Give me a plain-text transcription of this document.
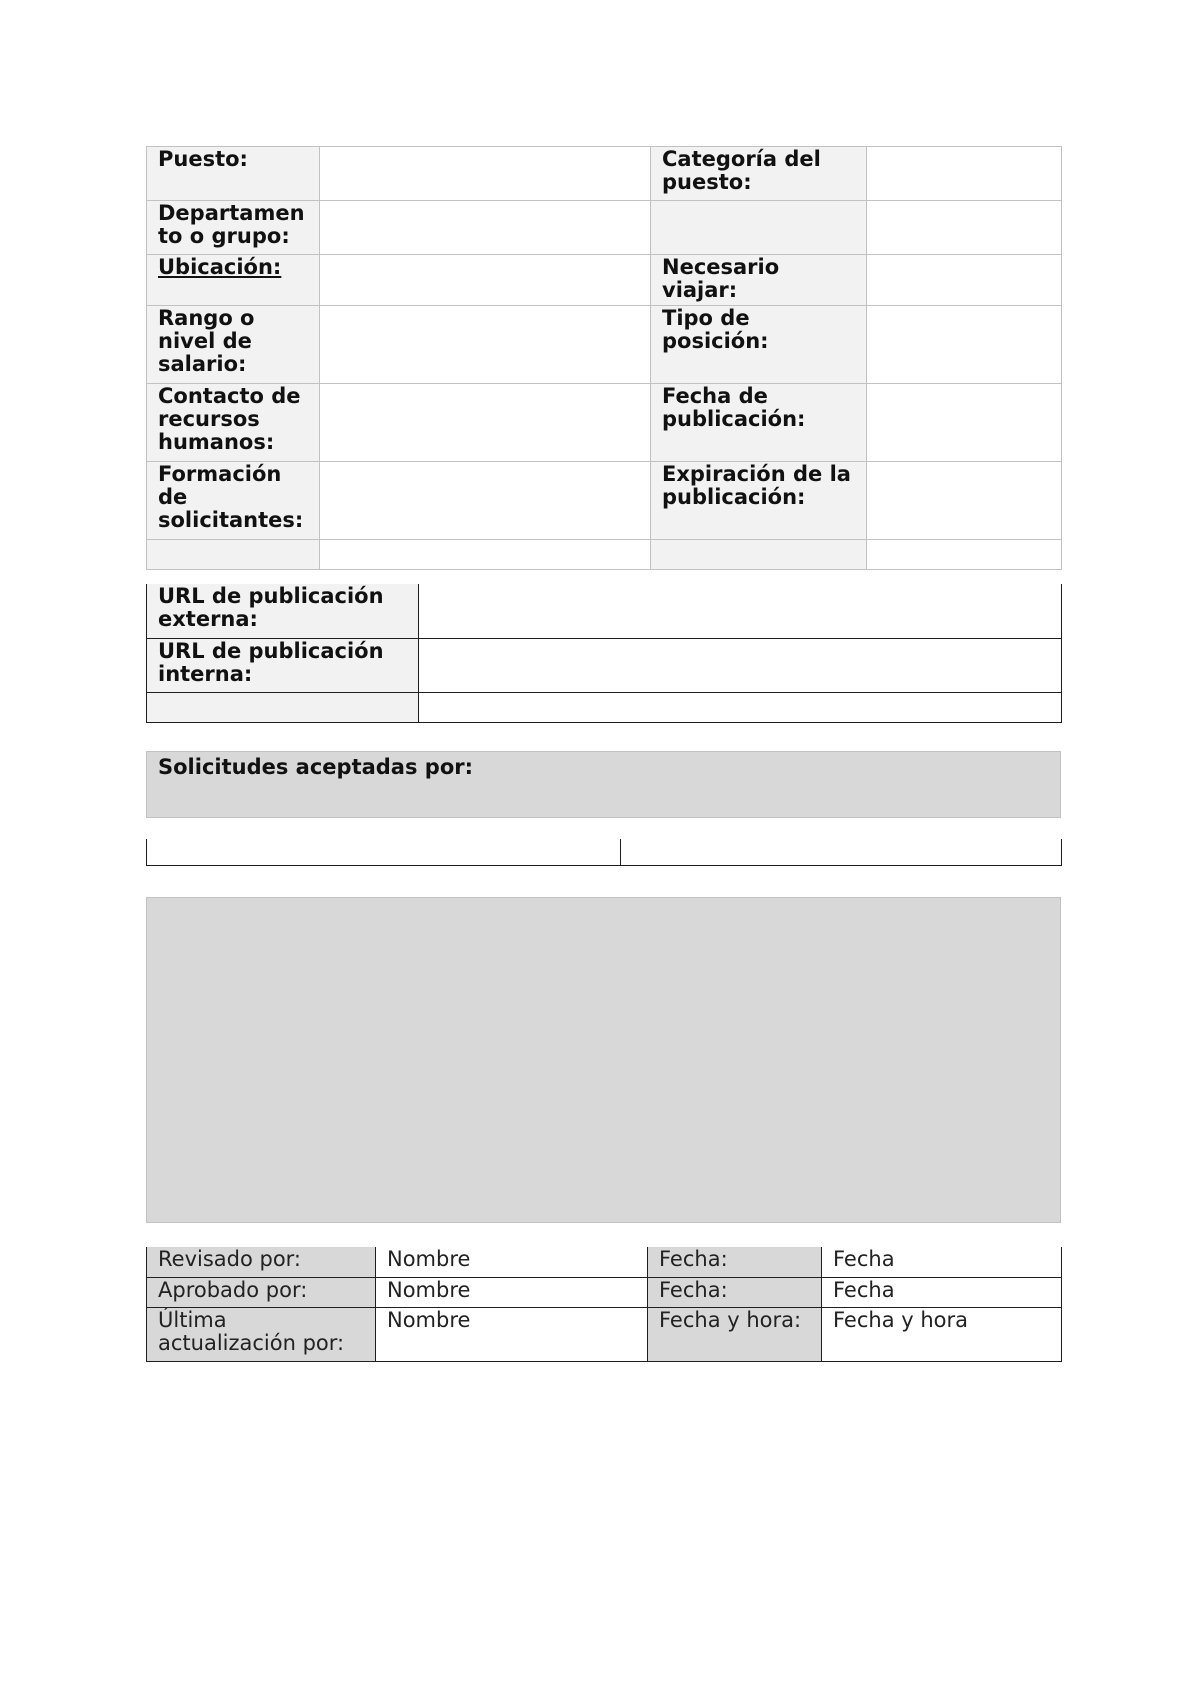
Puesto:		Categoría del puesto:	
Departamento o grupo:			
Ubicación:		Necesario viajar:	
Rango o nivel de salario:		Tipo de posición:	
Contacto de recursos humanos:		Fecha de publicación:	
Formación de solicitantes:		Expiración de la publicación:	

URL de publicación externa:	
URL de publicación interna:	

Solicitudes aceptadas por:

Revisado por:	Nombre	Fecha:	Fecha
Aprobado por:	Nombre	Fecha:	Fecha
Última actualización por:	Nombre	Fecha y hora:	Fecha y hora
